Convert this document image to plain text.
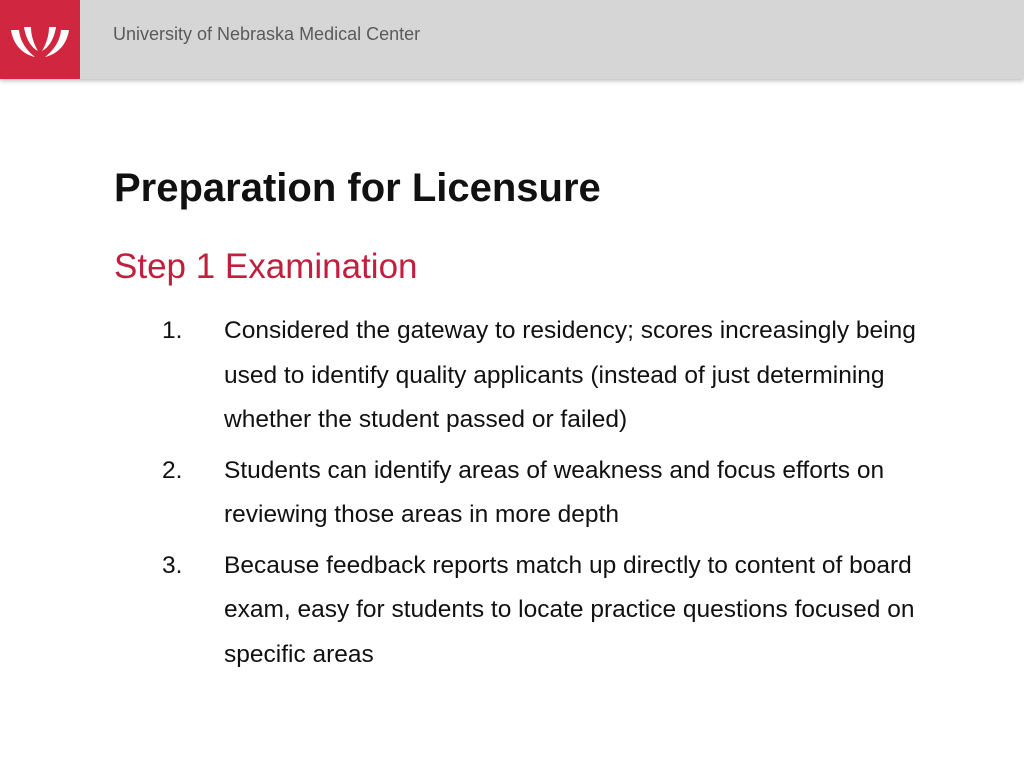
University of Nebraska Medical Center
Preparation for Licensure
Step 1 Examination
1. Considered the gateway to residency; scores increasingly being used to identify quality applicants (instead of just determining whether the student passed or failed)
2. Students can identify areas of weakness and focus efforts on reviewing those areas in more depth
3. Because feedback reports match up directly to content of board exam, easy for students to locate practice questions focused on specific areas
